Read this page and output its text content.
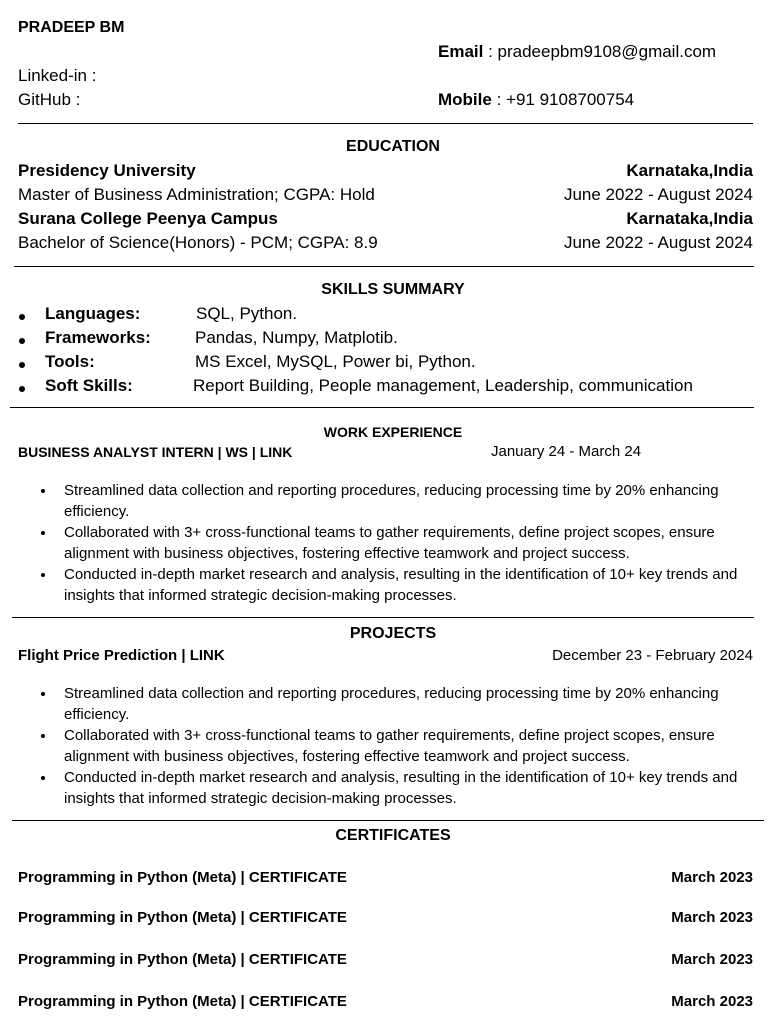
PRADEEP BM
Email : pradeepbm9108@gmail.com
Linked-in :
GitHub :	Mobile : +91 9108700754
EDUCATION
Presidency University	Karnataka,India
Master of Business Administration; CGPA: Hold	June 2022 - August 2024
Surana College Peenya Campus	Karnataka,India
Bachelor of Science(Honors) - PCM; CGPA: 8.9	June 2022 - August 2024
SKILLS SUMMARY
Languages:	SQL, Python.
Frameworks:	Pandas, Numpy, Matplotib.
Tools:	MS Excel, MySQL, Power bi, Python.
Soft Skills:	Report Building, People management, Leadership, communication
WORK EXPERIENCE
BUSINESS ANALYST INTERN | WS | LINK	January 24 - March 24
Streamlined data collection and reporting procedures, reducing processing time by 20% enhancing efficiency.
Collaborated with 3+ cross-functional teams to gather requirements, define project scopes, ensure alignment with business objectives, fostering effective teamwork and project success.
Conducted in-depth market research and analysis, resulting in the identification of 10+ key trends and insights that informed strategic decision-making processes.
PROJECTS
Flight Price Prediction | LINK	December 23 - February 2024
Streamlined data collection and reporting procedures, reducing processing time by 20% enhancing efficiency.
Collaborated with 3+ cross-functional teams to gather requirements, define project scopes, ensure alignment with business objectives, fostering effective teamwork and project success.
Conducted in-depth market research and analysis, resulting in the identification of 10+ key trends and insights that informed strategic decision-making processes.
CERTIFICATES
Programming in Python (Meta) | CERTIFICATE	March 2023
Programming in Python (Meta) | CERTIFICATE	March 2023
Programming in Python (Meta) | CERTIFICATE	March 2023
Programming in Python (Meta) | CERTIFICATE	March 2023
